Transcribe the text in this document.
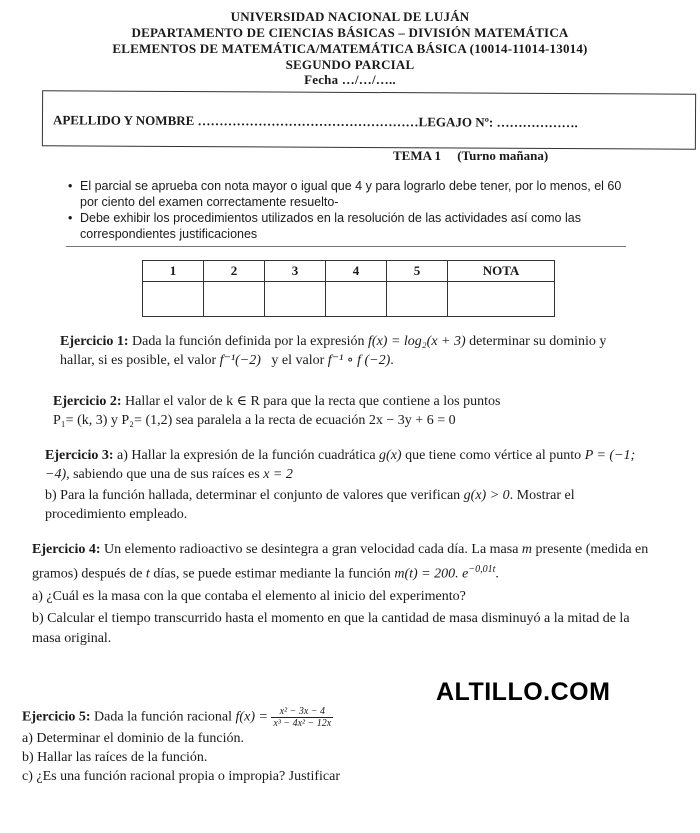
UNIVERSIDAD NACIONAL DE LUJÁN
DEPARTAMENTO DE CIENCIAS BÁSICAS – DIVISIÓN MATEMÁTICA
ELEMENTOS DE MATEMÁTICA/MATEMÁTICA BÁSICA (10014-11014-13014)
SEGUNDO PARCIAL
Fecha …/…/…..
APELLIDO Y NOMBRE ……………………………………………LEGAJO Nº: ……………….
TEMA 1     (Turno mañana)
• El parcial se aprueba con nota mayor o igual que 4 y para lograrlo debe tener, por lo menos, el 60 por ciento del examen correctamente resuelto-
• Debe exhibir los procedimientos utilizados en la resolución de las actividades así como las correspondientes justificaciones
1	2	3	4	5	NOTA

Ejercicio 1: Dada la función definida por la expresión f(x) = log₂(x + 3) determinar su dominio y hallar, si es posible, el valor f⁻¹(−2)   y el valor f⁻¹ ∘ f (−2).
Ejercicio 2: Hallar el valor de k ∈ R para que la recta que contiene a los puntos
P₁= (k, 3) y P₂= (1,2) sea paralela a la recta de ecuación 2x − 3y + 6 = 0
Ejercicio 3: a) Hallar la expresión de la función cuadrática g(x) que tiene como vértice al punto P = (−1; −4), sabiendo que una de sus raíces es x = 2
b) Para la función hallada, determinar el conjunto de valores que verifican g(x) > 0. Mostrar el procedimiento empleado.
Ejercicio 4: Un elemento radioactivo se desintegra a gran velocidad cada día. La masa m presente (medida en gramos) después de t días, se puede estimar mediante la función m(t) = 200. $e^{-0,01t}$.
a) ¿Cuál es la masa con la que contaba el elemento al inicio del experimento?
b) Calcular el tiempo transcurrido hasta el momento en que la cantidad de masa disminuyó a la mitad de la masa original.
ALTILLO.COM
Ejercicio 5: Dada la función racional $f(x) = \frac{\text{x² − 3x − 4}}{\text{x³ − 4x² − 12x}}$
a) Determinar el dominio de la función.
b) Hallar las raíces de la función.
c) ¿Es una función racional propia o impropia? Justificar
